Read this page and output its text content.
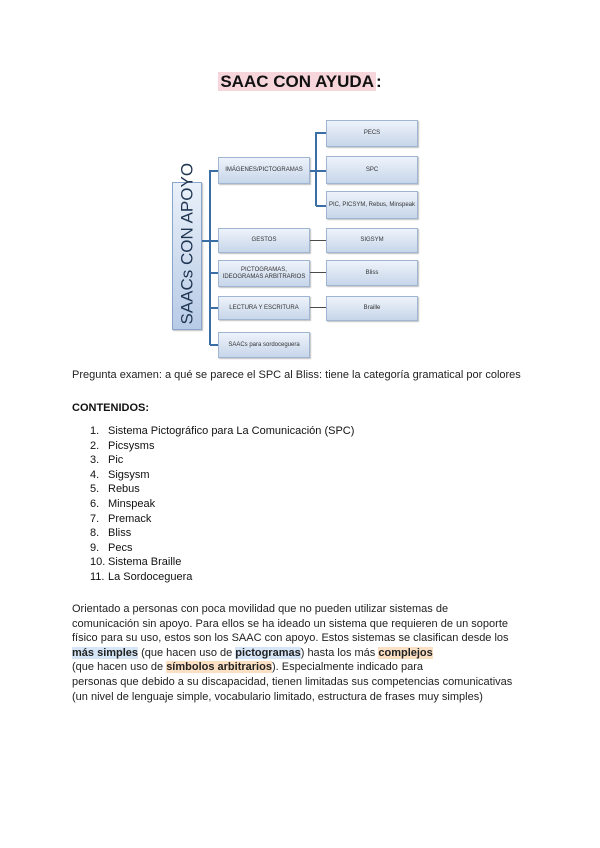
SAAC CON AYUDA :
SAACs CON APOYO	IMÁGENES/PICTOGRAMAS
GESTOS
PICTOGRAMAS, IDEOGRAMAS ARBITRARIOS
LECTURA Y ESCRITURA
SAACs para sordoceguera
PECS
SPC
PIC, PICSYM, Rebus, Minspeak
SIGSYM
Bliss
Braille
Pregunta examen: a qué se parece el SPC al Bliss: tiene la categoría gramatical por colores
CONTENIDOS:
1. Sistema Pictográfico para La Comunicación (SPC)
2. Picsysms
3. Pic
4. Sigsysm
5. Rebus
6. Minspeak
7. Premack
8. Bliss
9. Pecs
10. Sistema Braille
11. La Sordoceguera
Orientado a personas con poca movilidad que no pueden utilizar sistemas de
comunicación sin apoyo. Para ellos se ha ideado un sistema que requieren de un soporte
físico para su uso, estos son los SAAC con apoyo. Estos sistemas se clasifican desde los
más simples (que hacen uso de pictogramas) hasta los más complejos
(que hacen uso de símbolos arbitrarios). Especialmente indicado para
personas que debido a su discapacidad, tienen limitadas sus competencias comunicativas
(un nivel de lenguaje simple, vocabulario limitado, estructura de frases muy simples)
